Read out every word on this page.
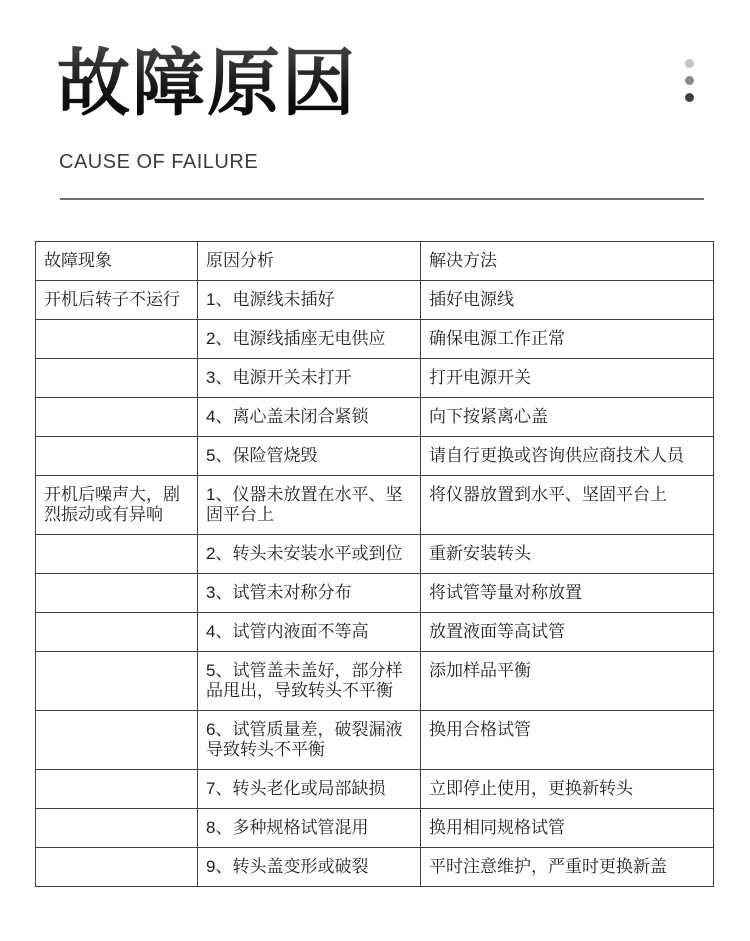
故障原因
CAUSE OF FAILURE
故障现象	原因分析	解决方法
开机后转子不运行	1、电源线未插好	插好电源线
	2、电源线插座无电供应	确保电源工作正常
	3、电源开关未打开	打开电源开关
	4、离心盖未闭合紧锁	向下按紧离心盖
	5、保险管烧毁	请自行更换或咨询供应商技术人员
开机后噪声大，剧烈振动或有异响	1、仪器未放置在水平、坚固平台上	将仪器放置到水平、坚固平台上
	2、转头未安装水平或到位	重新安装转头
	3、试管未对称分布	将试管等量对称放置
	4、试管内液面不等高	放置液面等高试管
	5、试管盖未盖好，部分样品甩出，导致转头不平衡	添加样品平衡
	6、试管质量差，破裂漏液导致转头不平衡	换用合格试管
	7、转头老化或局部缺损	立即停止使用，更换新转头
	8、多种规格试管混用	换用相同规格试管
	9、转头盖变形或破裂	平时注意维护，严重时更换新盖
